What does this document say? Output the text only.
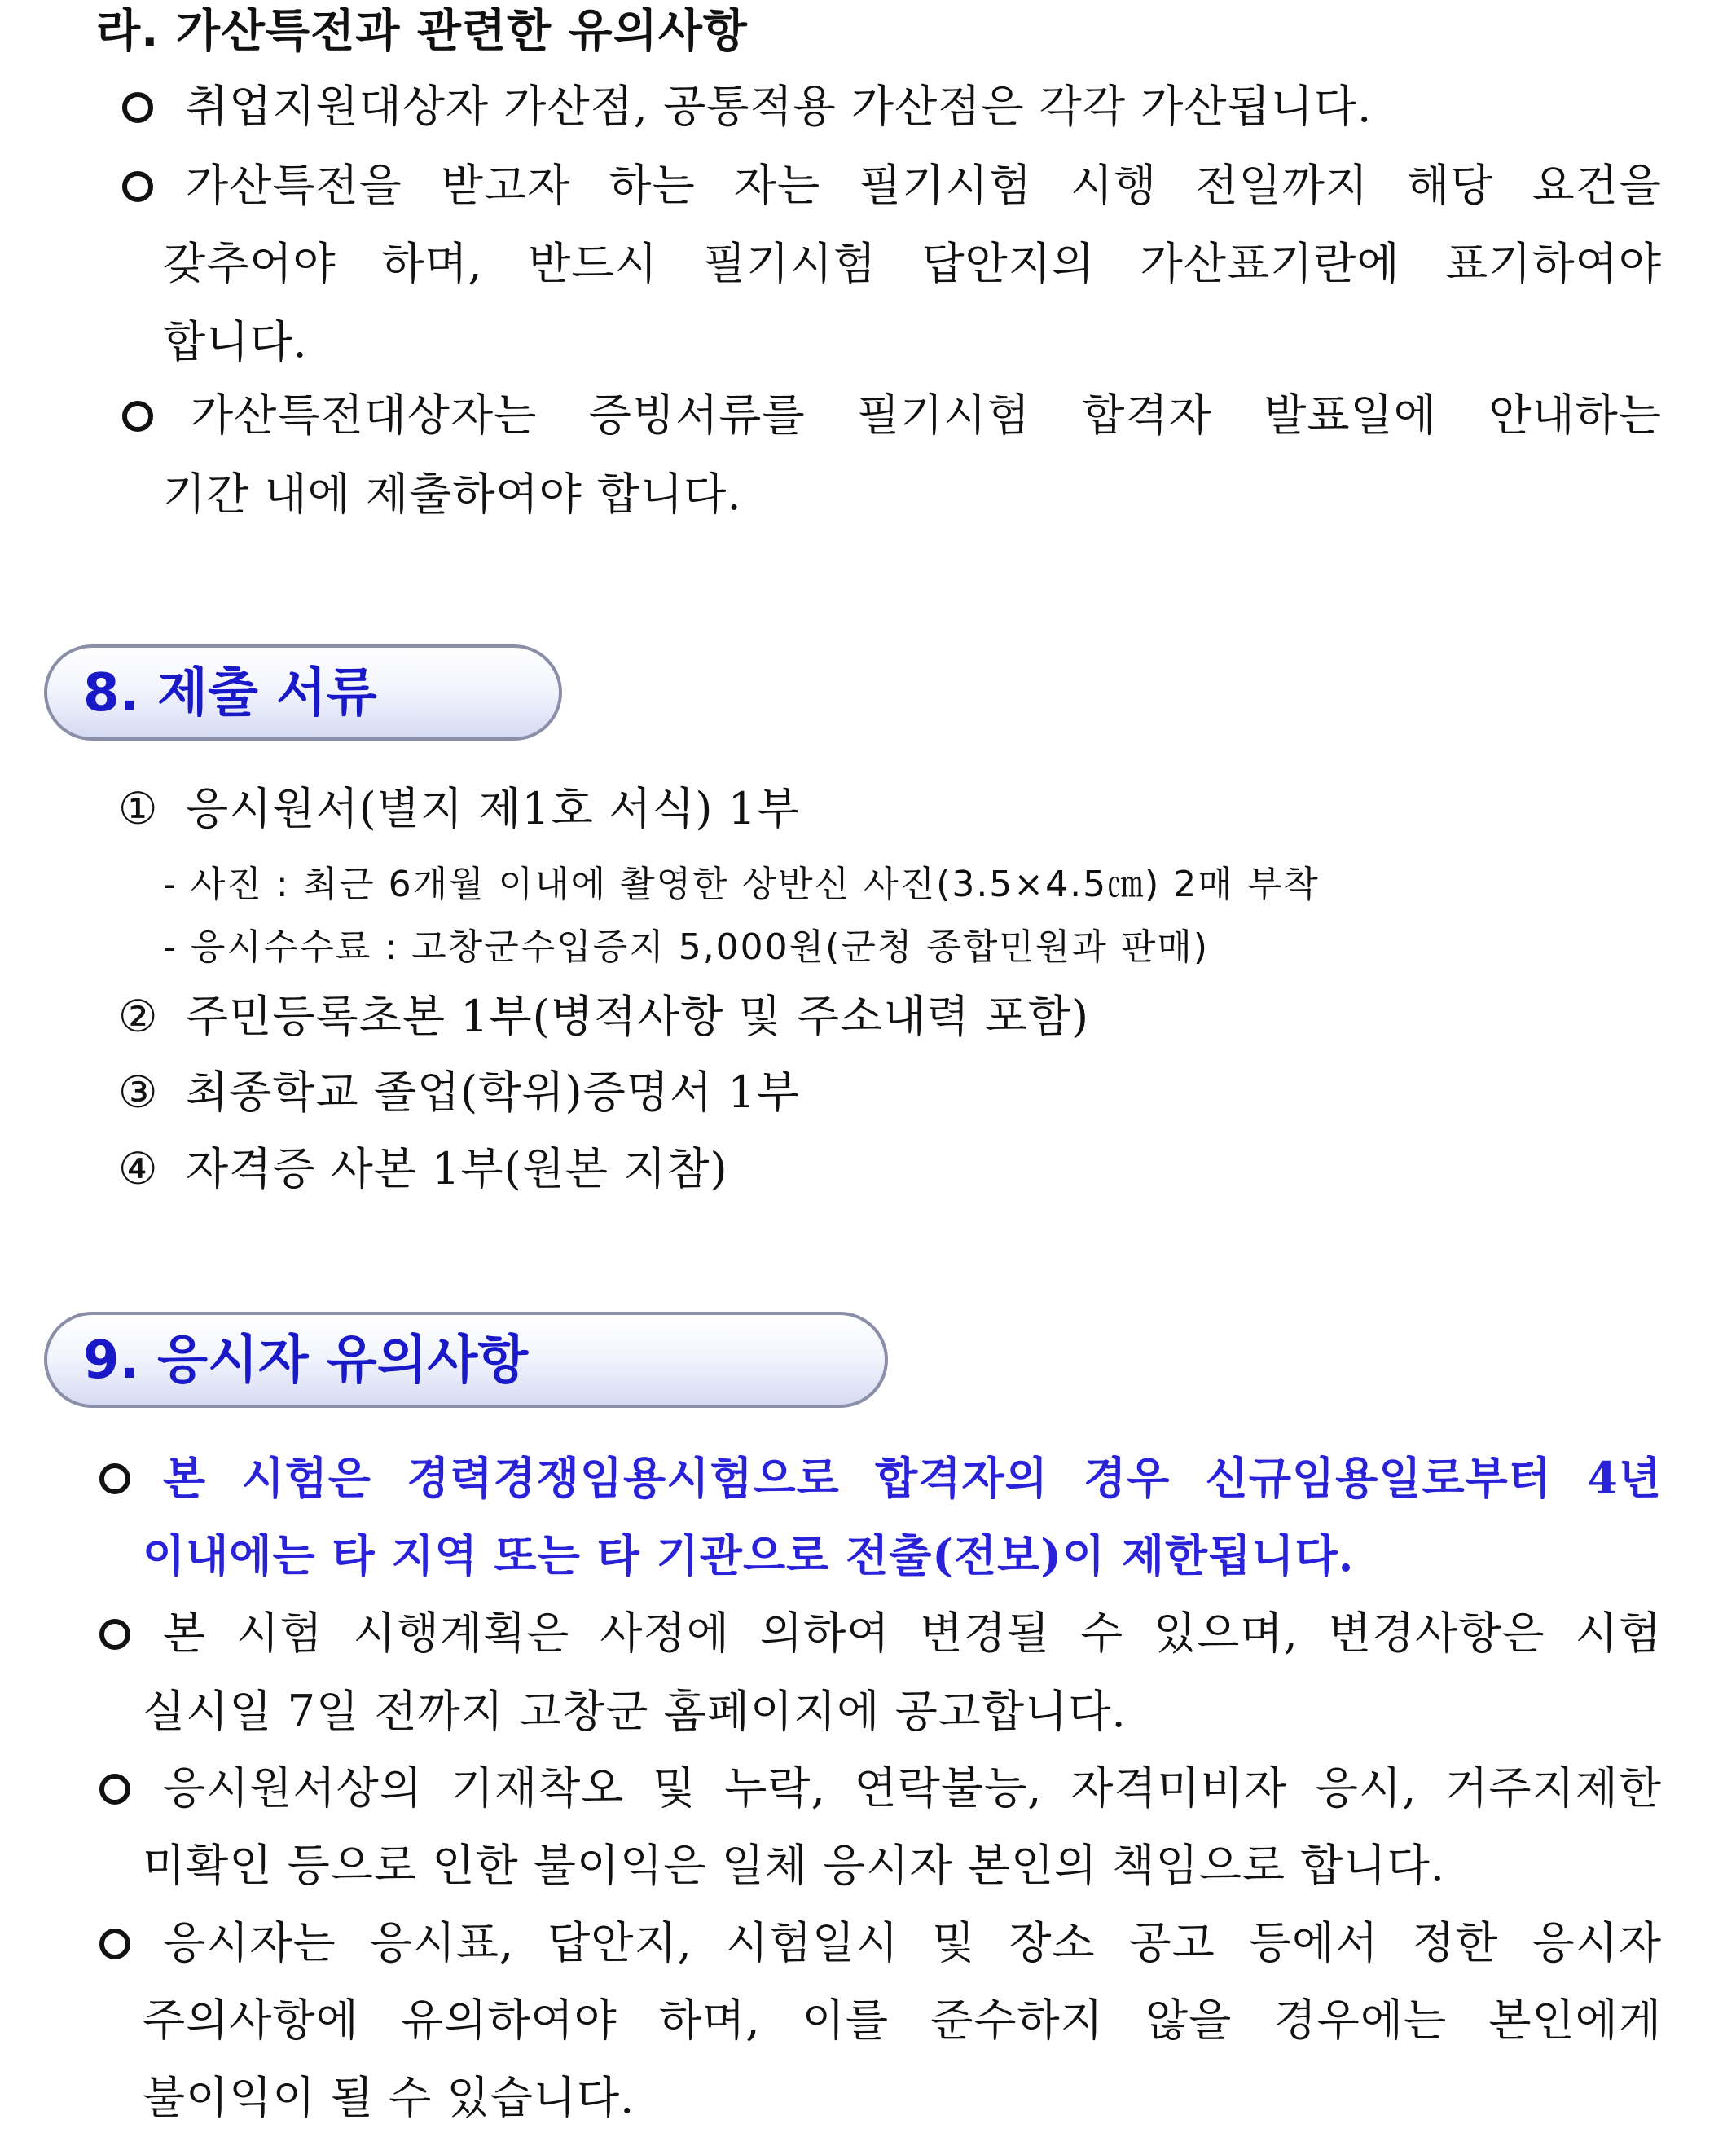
라. 가산특전과 관련한 유의사항
취업지원대상자 가산점, 공통적용 가산점은 각각 가산됩니다.
가산특전을 받고자 하는 자는 필기시험 시행 전일까지 해당 요건을
갖추어야 하며, 반드시 필기시험 답안지의 가산표기란에 표기하여야
합니다.
가산특전대상자는 증빙서류를 필기시험 합격자 발표일에 안내하는
기간 내에 제출하여야 합니다.
8. 제출 서류
① 응시원서(별지 제1호 서식) 1부
- 사진 : 최근 6개월 이내에 촬영한 상반신 사진(3.5×4.5㎝) 2매 부착
- 응시수수료 : 고창군수입증지 5,000원(군청 종합민원과 판매)
② 주민등록초본 1부(병적사항 및 주소내력 포함)
③ 최종학교 졸업(학위)증명서 1부
④ 자격증 사본 1부(원본 지참)
9. 응시자 유의사항
본 시험은 경력경쟁임용시험으로 합격자의 경우 신규임용일로부터 4년
이내에는 타 지역 또는 타 기관으로 전출(전보)이 제한됩니다.
본 시험 시행계획은 사정에 의하여 변경될 수 있으며, 변경사항은 시험
실시일 7일 전까지 고창군 홈페이지에 공고합니다.
응시원서상의 기재착오 및 누락, 연락불능, 자격미비자 응시, 거주지제한
미확인 등으로 인한 불이익은 일체 응시자 본인의 책임으로 합니다.
응시자는 응시표, 답안지, 시험일시 및 장소 공고 등에서 정한 응시자
주의사항에 유의하여야 하며, 이를 준수하지 않을 경우에는 본인에게
불이익이 될 수 있습니다.
